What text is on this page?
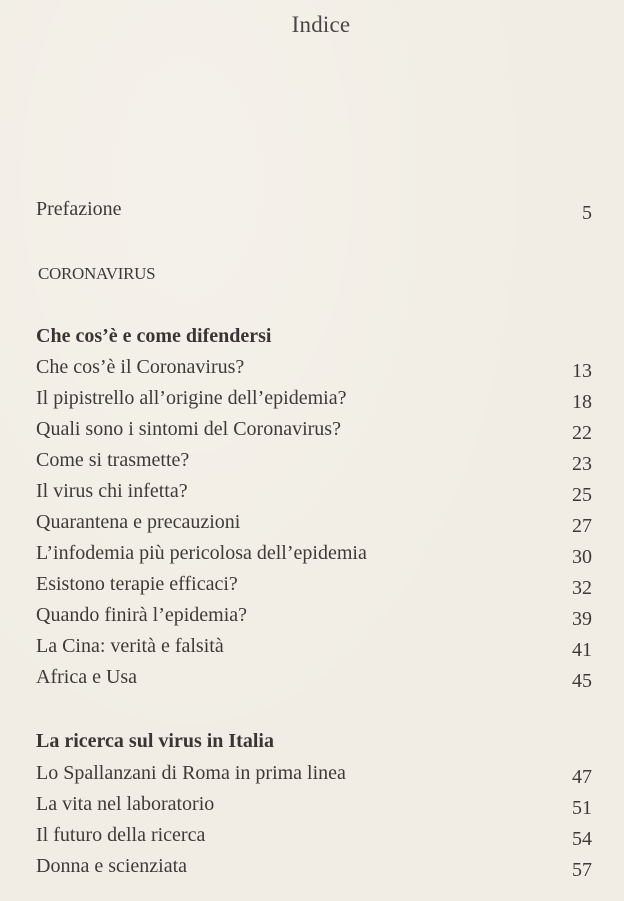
Indice
Prefazione	5
CORONAVIRUS
Che cos’è e come difendersi
Che cos’è il Coronavirus?	13
Il pipistrello all’origine dell’epidemia?	18
Quali sono i sintomi del Coronavirus?	22
Come si trasmette?	23
Il virus chi infetta?	25
Quarantena e precauzioni	27
L’infodemia più pericolosa dell’epidemia	30
Esistono terapie efficaci?	32
Quando finirà l’epidemia?	39
La Cina: verità e falsità	41
Africa e Usa	45
La ricerca sul virus in Italia
Lo Spallanzani di Roma in prima linea	47
La vita nel laboratorio	51
Il futuro della ricerca	54
Donna e scienziata	57
